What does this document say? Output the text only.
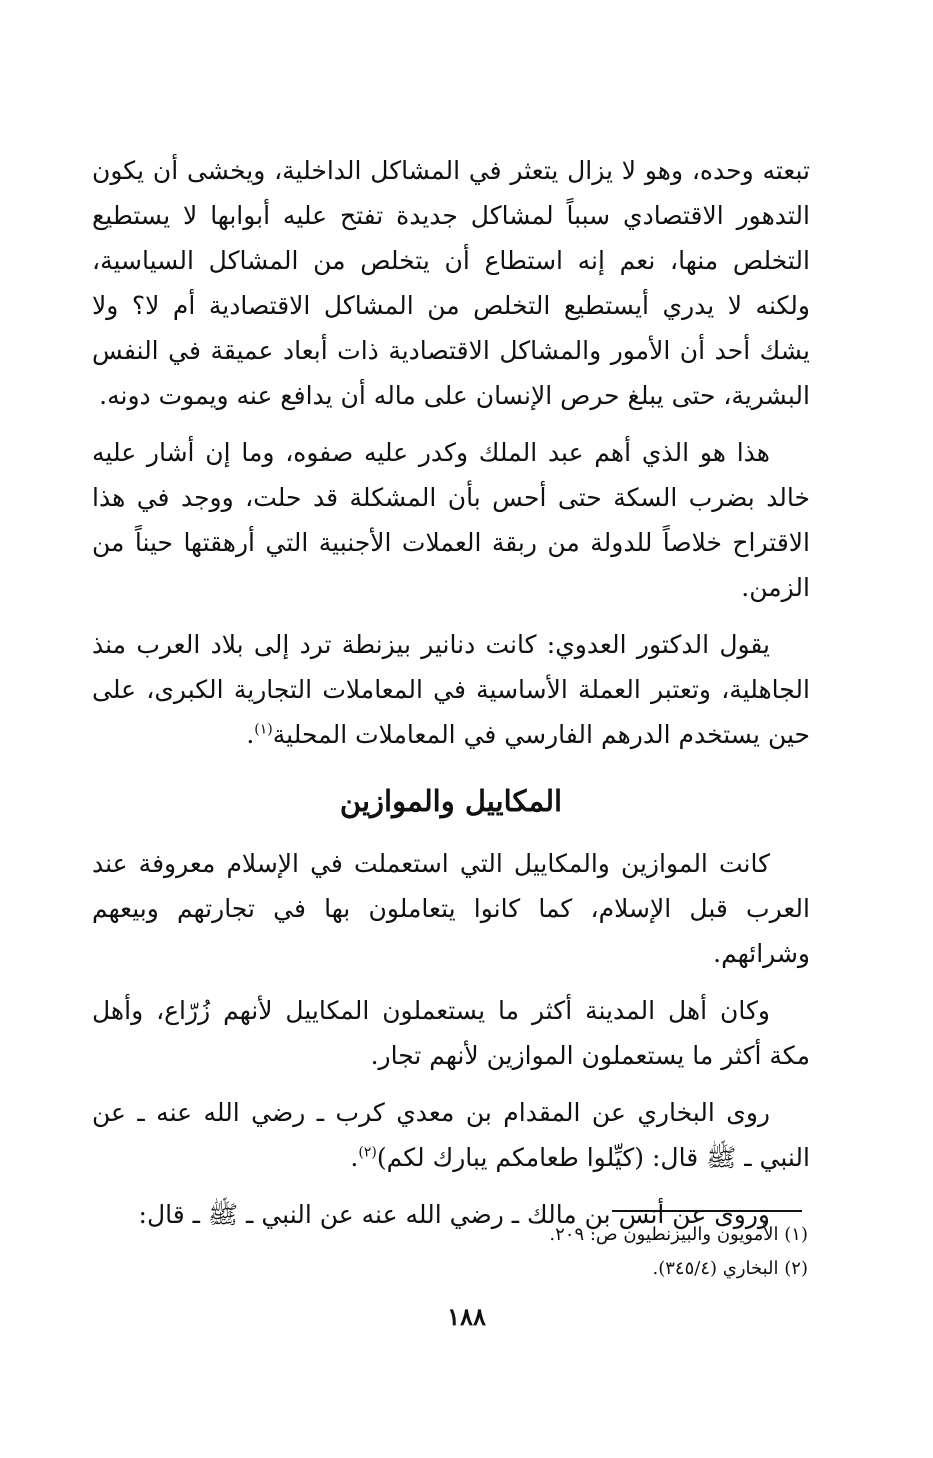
تبعته وحده، وهو لا يزال يتعثر في المشاكل الداخلية، ويخشى أن يكون التدهور الاقتصادي سبباً لمشاكل جديدة تفتح عليه أبوابها لا يستطيع التخلص منها، نعم إنه استطاع أن يتخلص من المشاكل السياسية، ولكنه لا يدري أيستطيع التخلص من المشاكل الاقتصادية أم لا؟ ولا يشك أحد أن الأمور والمشاكل الاقتصادية ذات أبعاد عميقة في النفس البشرية، حتى يبلغ حرص الإنسان على ماله أن يدافع عنه ويموت دونه.

هذا هو الذي أهم عبد الملك وكدر عليه صفوه، وما إن أشار عليه خالد بضرب السكة حتى أحس بأن المشكلة قد حلت، ووجد في هذا الاقتراح خلاصاً للدولة من ربقة العملات الأجنبية التي أرهقتها حيناً من الزمن.

يقول الدكتور العدوي: كانت دنانير بيزنطة ترد إلى بلاد العرب منذ الجاهلية، وتعتبر العملة الأساسية في المعاملات التجارية الكبرى، على حين يستخدم الدرهم الفارسي في المعاملات المحلية$^{(١)}$.

المكاييل والموازين

كانت الموازين والمكاييل التي استعملت في الإسلام معروفة عند العرب قبل الإسلام، كما كانوا يتعاملون بها في تجارتهم وبيعهم وشرائهم.

وكان أهل المدينة أكثر ما يستعملون المكاييل لأنهم زُرّاع، وأهل مكة أكثر ما يستعملون الموازين لأنهم تجار.

روى البخاري عن المقدام بن معدي كرب ـ رضي الله عنه ـ عن النبي ـ ﷺ قال: (كيِّلوا طعامكم يبارك لكم)$^{(٢)}$.

وروى عن أنس بن مالك ـ رضي الله عنه عن النبي ـ ﷺ ـ قال:

(١) الأمويون والبيزنطيون ص: ٢٠٩.
(٢) البخاري (٣٤٥/٤).
١٨٨
